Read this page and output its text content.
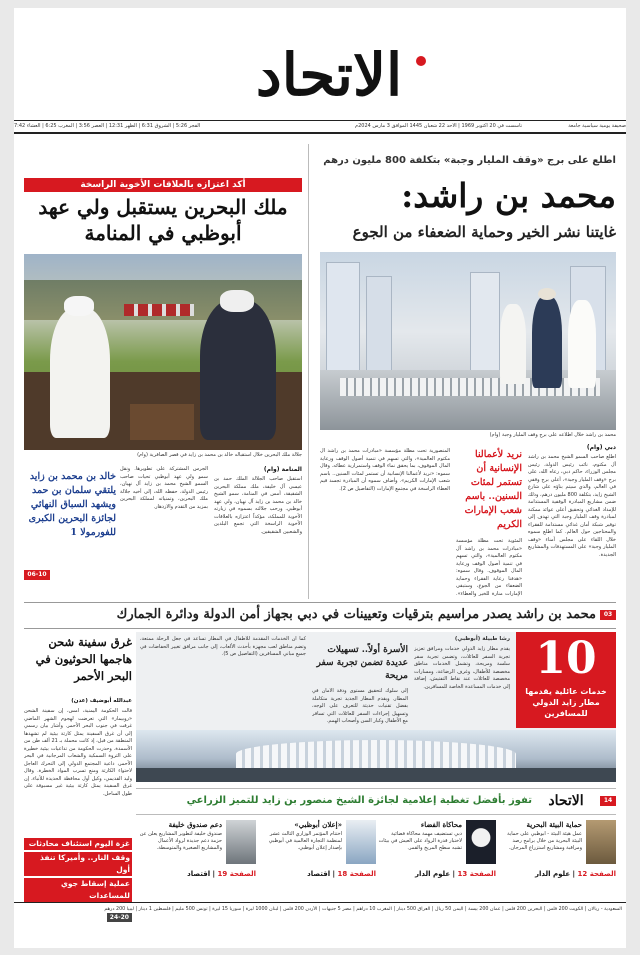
الاتحاد
تأسست في 20 أكتوبر 1969 | الأحد 22 شعبان 1445 الموافق 3 مارس 2024م	صحيفة يومية سياسية جامعة
الفجر 5:26 | الشروق 6:31 | الظهر 12:31 | العصر 3:56 | المغرب 6:25 | العشاء 7:42
اطلع على برج «وقف المليار وجبة» بتكلفة 800 مليون درهم
محمد بن راشد:
غايتنا نشر الخير وحماية الضعفاء من الجوع
محمد بن راشد خلال اطلاعه على برج وقف المليار وجبة (وام)
دبي (وام)
اطلع صاحب السمو الشيخ محمد بن راشد آل مكتوم، نائب رئيس الدولة، رئيس مجلس الوزراء، حاكم دبي، رعاه الله، على برج «وقف المليار وجبة»، أعلى برج وقفي في العالم، والذي سيتم بناؤه على شارع الشيخ زايد، بتكلفة 800 مليون درهم، وذلك ضمن مشاريع المبادرة الوقفية المستدامة للإمداد الغذائي وتحقيق أعلى عوائد ممكنة لمبادرة وقف المليار وجبة التي تهدف إلى توفير شبكة أمان غذائي مستدامة للفقراء والمحتاجين حول العالم. كما اطلع سموه خلال اللقاء على مجلس أمناء «وقف المليار وجبة» على المستهدفات والمشاريع الجديدة.
نريد لأعمالنا الإنسانية أن تستمر لمئات السنين.. باسم شعب الإمارات الكريم
المئوية تحت مظلة مؤسسة «مبادرات محمد بن راشد آل مكتوم العالمية»، والتي تسهم في تنمية أصول الوقف ورعاية المال الموقوف. وقال سموه: «هدفنا رعاية الفقراء وحماية الضعفاء من الجوع، وستبقى الإمارات منارة للخير والعطاء».
المنصورية تحت مظلة مؤسسة «مبادرات محمد بن راشد آل مكتوم العالمية»، والتي تسهم في تنمية أصول الوقف ورعاية المال الموقوف، بما يحقق نماء الوقف واستمرارية عطائه. وقال سموه: «نريد لأعمالنا الإنسانية أن تستمر لمئات السنين.. باسم شعب الإمارات الكريم». وأضاف سموه أن المبادرة تجسد قيم العطاء الراسخة في مجتمع الإمارات (التفاصيل ص 2).
أكد اعتزازه بالعلاقات الأخوية الراسخة
ملك البحرين يستقبل ولي عهد أبوظبي في المنامة
جلالة ملك البحرين خلال استقباله خالد بن محمد بن زايد في قصر الصافرية (وام)
المنامة (وام)
استقبل صاحب الجلالة الملك حمد بن عيسى آل خليفة، ملك مملكة البحرين الشقيقة، أمس في المنامة، سمو الشيخ خالد بن محمد بن زايد آل نهيان، ولي عهد أبوظبي. ورحب جلالته بسموه في زيارته الأخوية للمملكة، مؤكداً اعتزازه بالعلاقات الأخوية الراسخة التي تجمع البلدين والشعبين الشقيقين.
الجرس المشتركة على تطويرها. ونقل سمو ولي عهد أبوظبي تحيات صاحب السمو الشيخ محمد بن زايد آل نهيان، رئيس الدولة، حفظه الله، إلى أخيه جلالة ملك البحرين، وتمنياته لمملكة البحرين بمزيد من التقدم والازدهار.
خالد بن محمد بن زايد يلتقي سلمان بن حمد ويشهد السباق النهائي لجائزة البحرين الكبرى للفورمولا 1
06-10
محمد بن راشد يصدر مراسيم بترقيات وتعيينات في دبي بجهاز أمن الدولة ودائرة الجمارك	03
غرق سفينة شحن هاجمها الحوثيون في البحر الأحمر
عبدالله أبوضيف (عدن)
قالت الحكومة اليمنية، أمس، إن سفينة الشحن «روبيمار» التي تعرضت لهجوم الشهر الماضي غرقت في جنوب البحر الأحمر. وأشار بيان رسمي إلى أن غرق السفينة يمثل كارثة بيئية لم تشهدها المنطقة من قبل، إذ كانت محملة بـ 21 ألف طن من الأسمدة. وحذرت الحكومة من تداعيات بيئية خطيرة على الثروة السمكية والشعاب المرجانية في البحر الأحمر، داعية المجتمع الدولي إلى التحرك العاجل لاحتواء الكارثة ومنع تسرب المواد الخطرة. وقال وليد القديمي، وكيل أول محافظة الحديدة للأنباء، إن غرق السفينة يمثل كارثة بيئية غير مسبوقة على طول الساحل.
غزة اليوم استئناف محادثات
وقف النار.. وأميركا تنفذ أول
عملية إسقاط جوي للمساعدات
24-20
10
خدمات عائلية يقدمها مطار زايد الدولي للمسافرين
رشا طبيلة (أبوظبي)
يقدم مطار زايد الدولي خدمات ومرافق تعزيز تجربة السفر للعائلات، وتضمن تجربة سفر سلسة ومريحة، وتشمل الخدمات مناطق مخصصة للأطفال، وغرف الرضاعة، ومسارات مخصصة للعائلات عند نقاط التفتيش، إضافة إلى خدمات المساعدة الخاصة للمسافرين.
الأسرة أولاً.. تسهيلات عديدة تضمن تجربة سفر مريحة
إلى سلوك لتحقيق مستوى ودقة الأمان في المطار. ويقدم المطار الجديد تجربة متكاملة بفضل تقنيات حديثة للتعرف على الوجه، وتسهيل إجراءات السفر للعائلات التي تسافر مع الأطفال وكبار السن وأصحاب الهمم.
كما أن الخدمات المقدمة للأطفال في المطار تساعد في جعل الرحلة ممتعة، وتضم مناطق لعب مجهزة بأحدث الألعاب، إلى جانب مرافق تغيير الحفاضات في جميع مباني المسافرين (التفاصيل ص 5).
الاتحاد
تفوز بأفضل تغطية إعلامية لجائزة الشيخ منصور بن زايد للتميز الزراعي	14
حماية البيئة البحرية
عمل هيئة البيئة - أبوظبي على حماية البيئة البحرية من خلال برامج رصد ومراقبة ومشاريع استزراع المرجان.
الصفحة 12 | علوم الدار
محاكاة الفضاء
دبي تستضيف مهمة محاكاة فضائية لاختبار قدرة الرواد على العيش في بيئات تشبه سطح المريخ والقمر.
الصفحة 13 | علوم الدار
«إعلان أبوظبي»
اختتام المؤتمر الوزاري الثالث عشر لمنظمة التجارة العالمية في أبوظبي بإصدار إعلان أبوظبي.
الصفحة 18 | اقتصاد
دعم صندوق خليفة
صندوق خليفة لتطوير المشاريع يعلن عن حزمة دعم جديدة لرواد الأعمال والمشاريع الصغيرة والمتوسطة.
الصفحة 19 | اقتصاد
السعودية - ريالان | الكويت 200 فلس | البحرين 200 فلس | عمان 200 بيسة | اليمن 50 ريال | العراق 500 دينار | المغرب 10 دراهم | مصر 5 جنيهات | الأردن 200 فلس | لبنان 1000 ليرة | سوريا 15 ليرة | تونس 500 مليم | فلسطين 1 دينار | ليبيا 200 درهم
